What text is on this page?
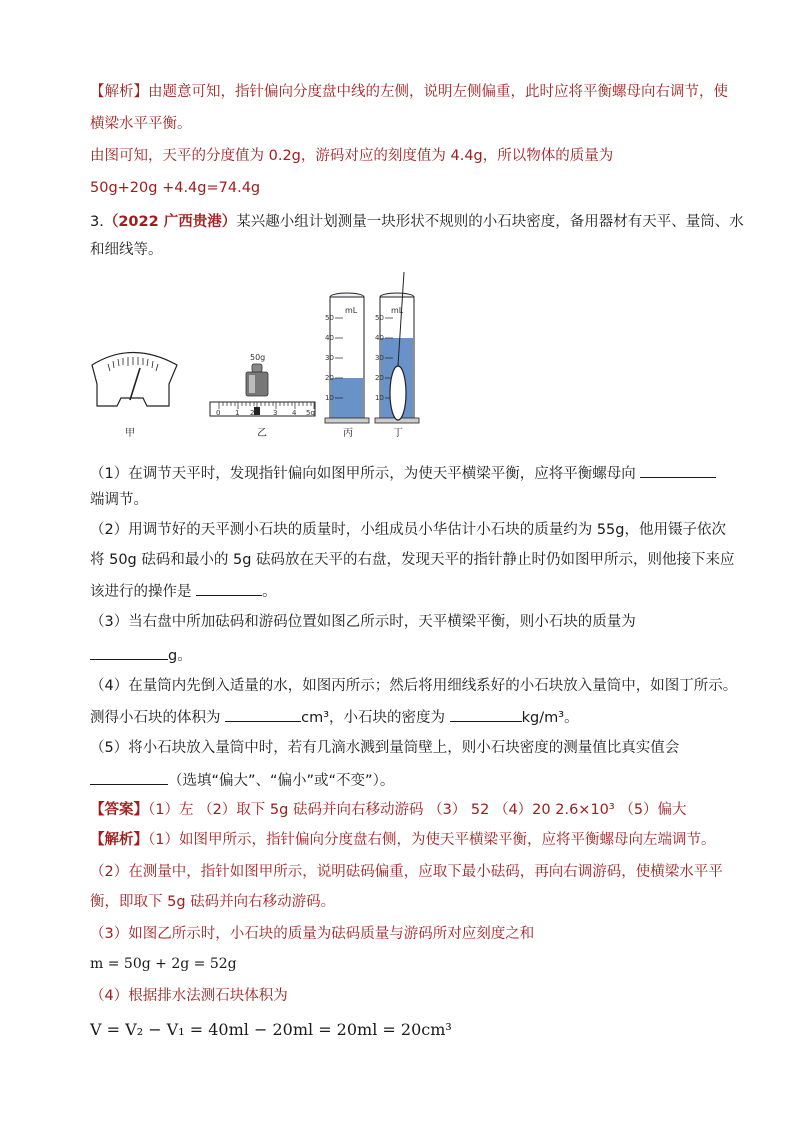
【解析】由题意可知，指针偏向分度盘中线的左侧，说明左侧偏重，此时应将平衡螺母向右调节，使
横梁水平平衡。
由图可知，天平的分度值为 0.2g，游码对应的刻度值为 4.4g，所以物体的质量为
50g+20g +4.4g=74.4g
3.（2022 广西贵港）某兴趣小组计划测量一块形状不规则的小石块密度，备用器材有天平、量筒、水
和细线等。
甲
50g
0 1 2	3 4 5g
乙
mL
50
40
30
20
10
丙
mL
50
40
30
20
10
丁
（1）在调节天平时，发现指针偏向如图甲所示，为使天平横梁平衡，应将平衡螺母向
端调节。
（2）用调节好的天平测小石块的质量时，小组成员小华估计小石块的质量约为 55g，他用镊子依次
将 50g 砝码和最小的 5g 砝码放在天平的右盘，发现天平的指针静止时仍如图甲所示，则他接下来应
该进行的操作是	。
（3）当右盘中所加砝码和游码位置如图乙所示时，天平横梁平衡，则小石块的质量为
g。
（4）在量筒内先倒入适量的水，如图丙所示；然后将用细线系好的小石块放入量筒中，如图丁所示。
测得小石块的体积为	cm³，小石块的密度为	kg/m³。
（5）将小石块放入量筒中时，若有几滴水溅到量筒壁上，则小石块密度的测量值比真实值会
（选填“偏大”、“偏小”或“不变”）。
【答案】（1）左 （2）取下 5g 砝码并向右移动游码 （3） 52 （4）20 2.6×10³ （5）偏大
【解析】（1）如图甲所示，指针偏向分度盘右侧，为使天平横梁平衡，应将平衡螺母向左端调节。
（2）在测量中，指针如图甲所示，说明砝码偏重，应取下最小砝码，再向右调游码，使横梁水平平
衡，即取下 5g 砝码并向右移动游码。
（3）如图乙所示时，小石块的质量为砝码质量与游码所对应刻度之和
m = 50g + 2g = 52g
（4）根据排水法测石块体积为
V = V₂ − V₁ = 40ml − 20ml = 20ml = 20cm³
